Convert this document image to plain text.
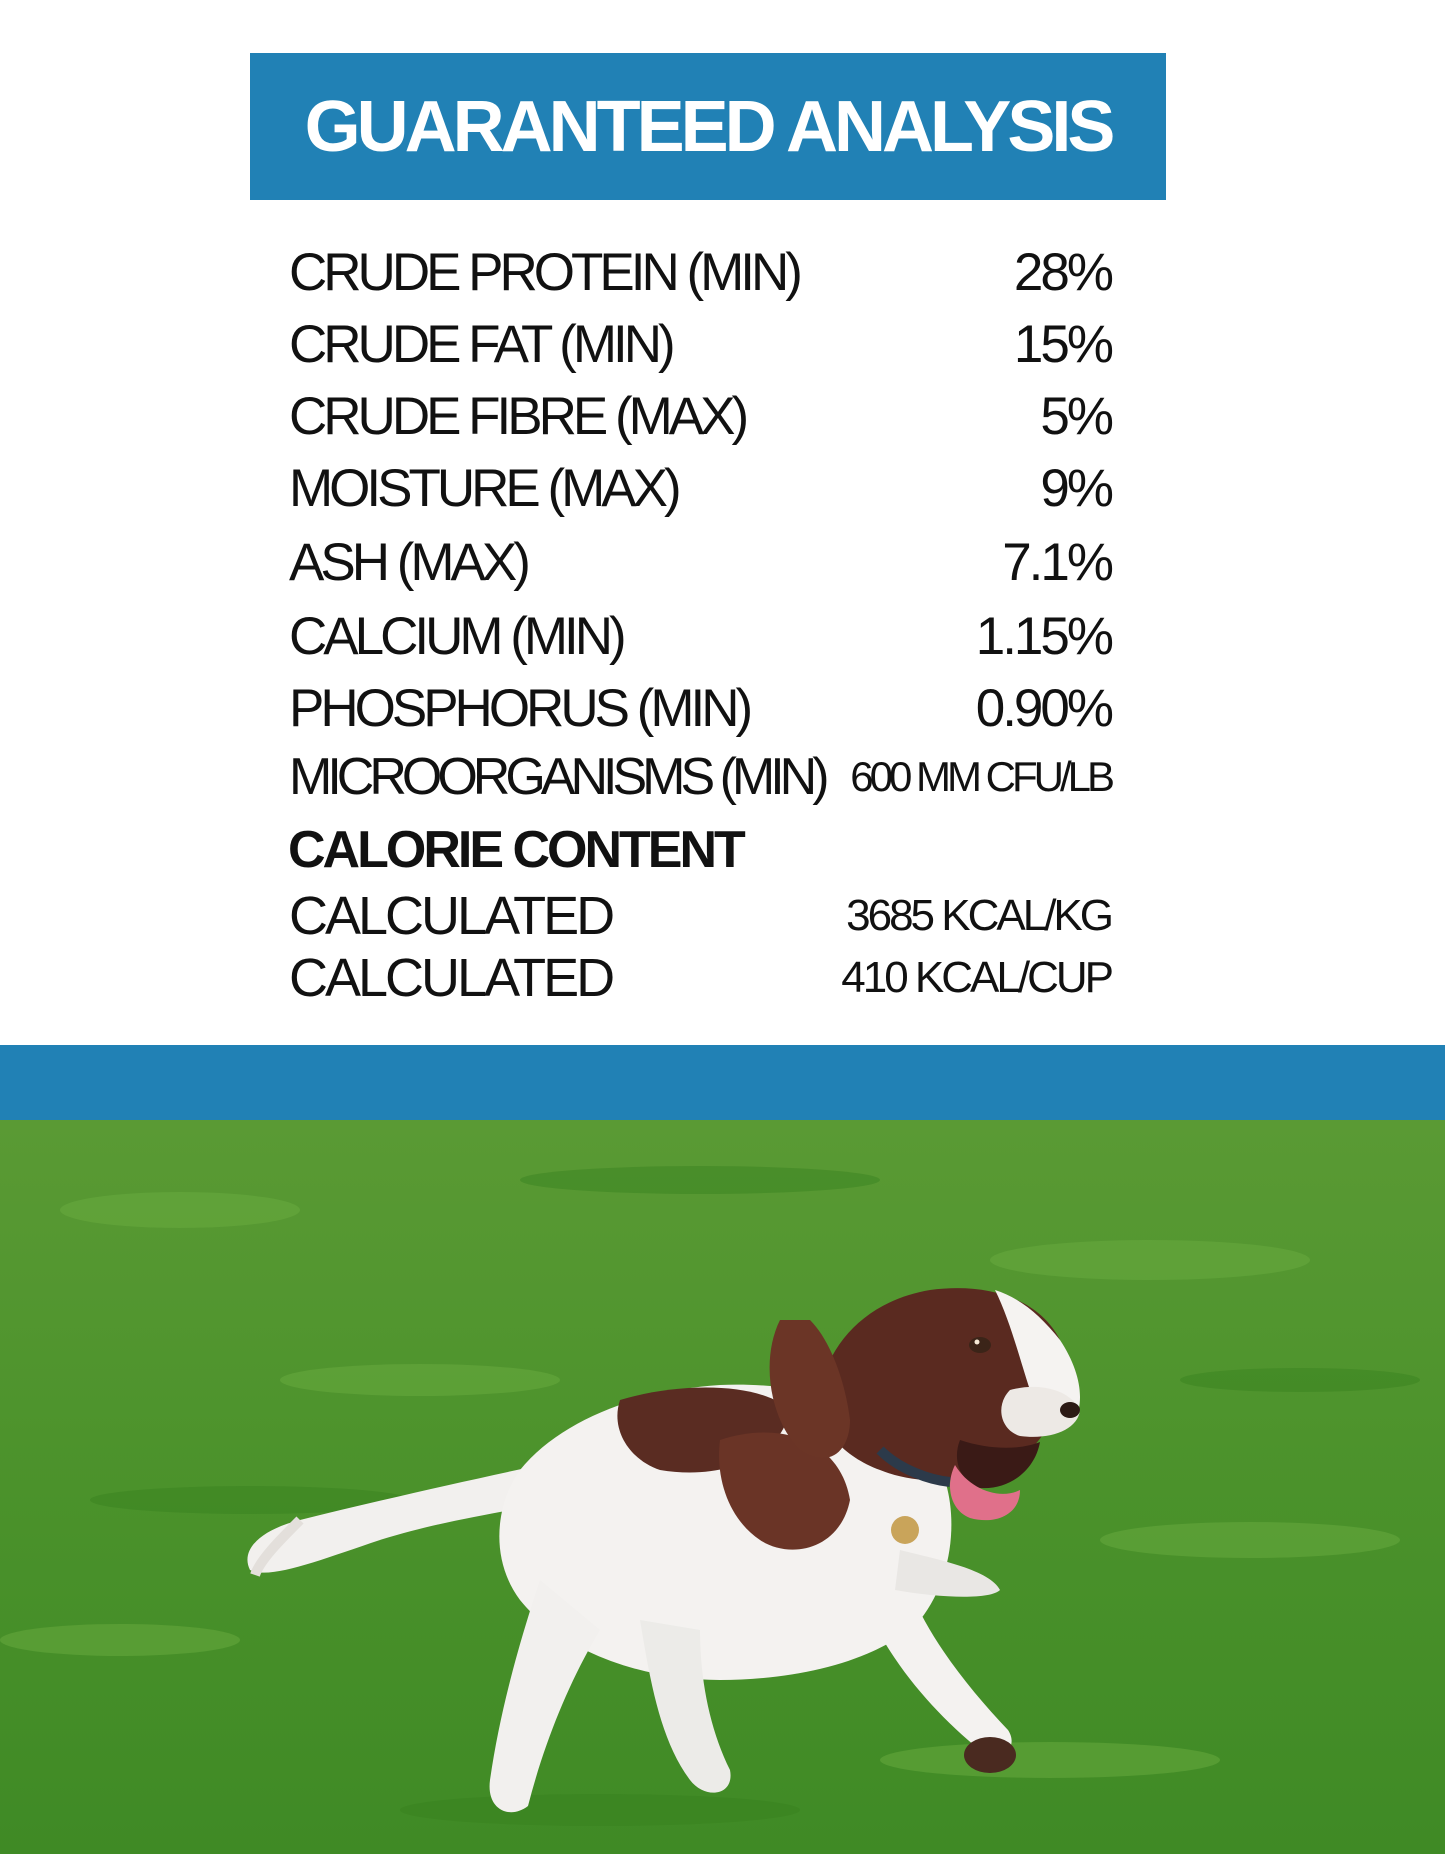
GUARANTEED ANALYSIS
CRUDE PROTEIN (MIN)	28%
CRUDE FAT (MIN)	15%
CRUDE FIBRE (MAX)	5%
MOISTURE (MAX)	9%
ASH (MAX)	7.1%
CALCIUM (MIN)	1.15%
PHOSPHORUS (MIN)	0.90%
MICROORGANISMS (MIN) 600 MM CFU/LB
CALORIE CONTENT
CALCULATED	3685 KCAL/KG
CALCULATED	410 KCAL/CUP
